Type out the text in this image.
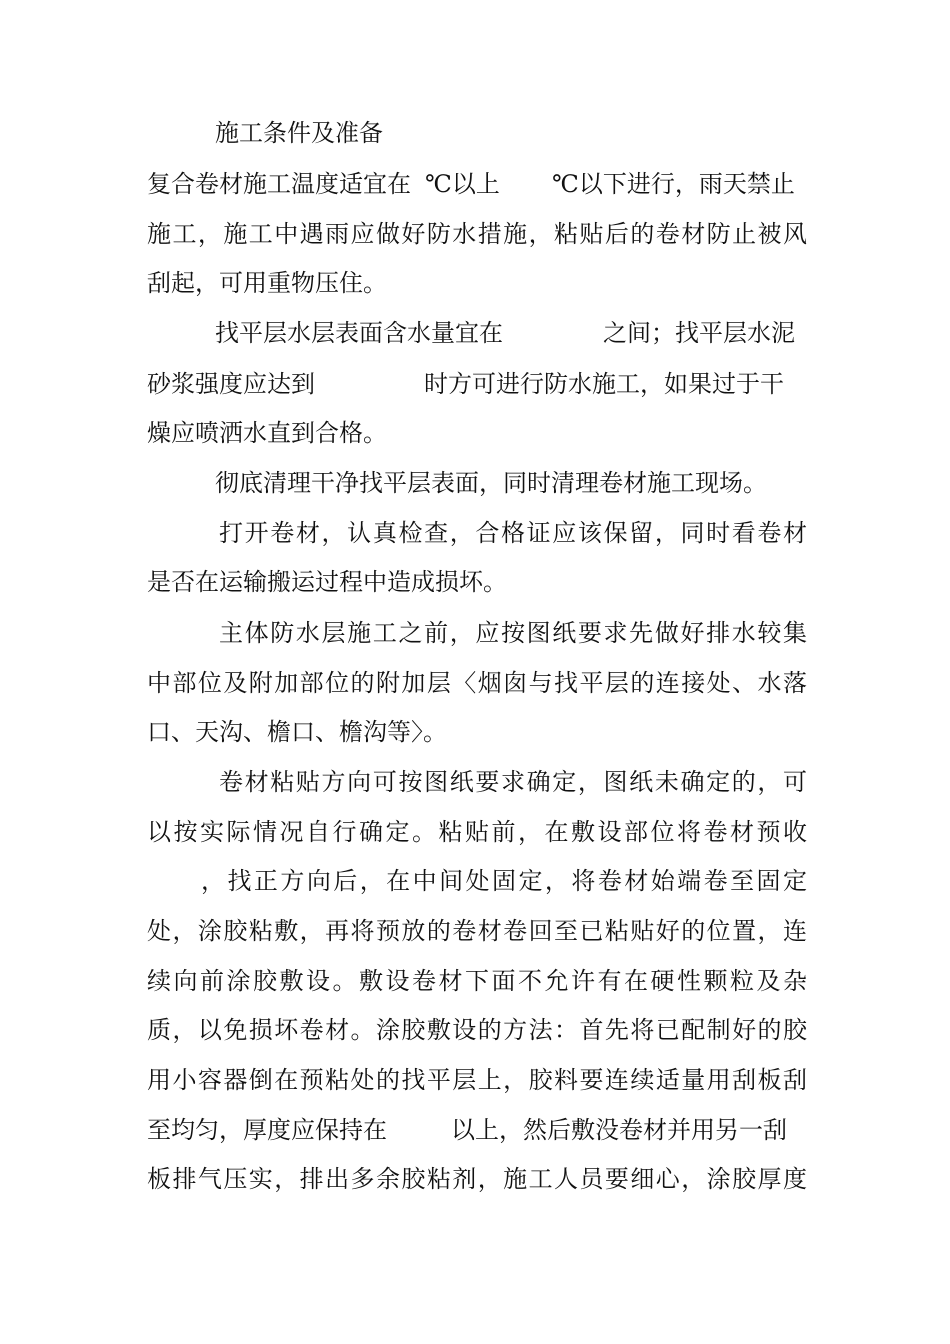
施工条件及准备

复合卷材施工温度适宜在

℃以上

℃以下进行，雨天禁止

施工，施工中遇雨应做好防水措施，粘贴后的卷材防止被风
刮起，可用重物压住。

找平层水层表面含水量宜在

	之间；找平层水泥

砂浆强度应达到

	时方可进行防水施工，如果过于干

燥应喷洒水直到合格。
彻底清理干净找平层表面，同时清理卷材施工现场。
打开卷材，认真检查，合格证应该保留，同时看卷材
是否在运输搬运过程中造成损坏。
主体防水层施工之前，应按图纸要求先做好排水较集
中部位及附加部位的附加层〈烟囱与找平层的连接处、水落
口、天沟、檐口、檐沟等〉。
卷材粘贴方向可按图纸要求确定，图纸未确定的，可
以按实际情况自行确定。粘贴前，在敷设部位将卷材预收
，找正方向后，在中间处固定，将卷材始端卷至固定
处，涂胶粘敷，再将预放的卷材卷回至已粘贴好的位置，连
续向前涂胶敷设。敷设卷材下面不允许有在硬性颗粒及杂
质，以免损坏卷材。涂胶敷设的方法：首先将已配制好的胶
用小容器倒在预粘处的找平层上，胶料要连续适量用刮板刮

至均匀，厚度应保持在

	以上，然后敷没卷材并用另一刮

板排气压实，排出多余胶粘剂，施工人员要细心，涂胶厚度
